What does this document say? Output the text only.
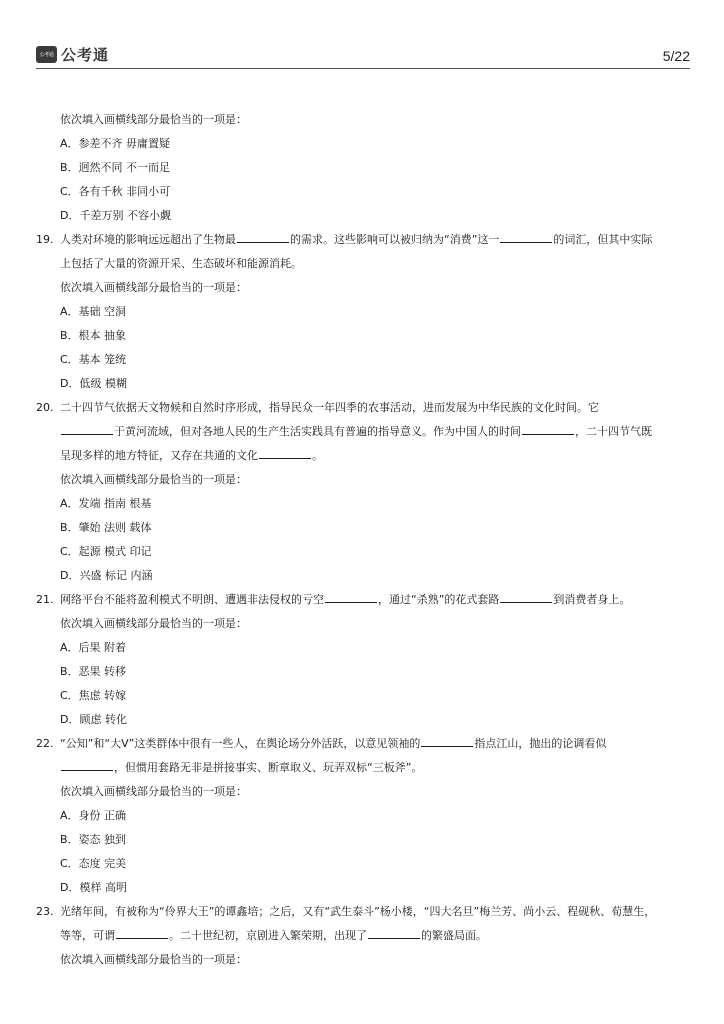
公考通 公考通	5/22
依次填入画横线部分最恰当的一项是：
A．参差不齐 毋庸置疑
B．迥然不同 不一而足
C．各有千秋 非同小可
D．千差万别 不容小觑
19. 人类对环境的影响远远超出了生物最	的需求。这些影响可以被归纳为“消费”这一	的词汇，但其中实际
上包括了大量的资源开采、生态破坏和能源消耗。
依次填入画横线部分最恰当的一项是：
A．基础 空洞
B．根本 抽象
C．基本 笼统
D．低级 模糊
20. 二十四节气依据天文物候和自然时序形成，指导民众一年四季的农事活动，进而发展为中华民族的文化时间。它
于黄河流域，但对各地人民的生产生活实践具有普遍的指导意义。作为中国人的时间	，二十四节气既
呈现多样的地方特征，又存在共通的文化	。
依次填入画横线部分最恰当的一项是：
A．发端 指南 根基
B．肇始 法则 载体
C．起源 模式 印记
D．兴盛 标记 内涵
21. 网络平台不能将盈利模式不明朗、遭遇非法侵权的亏空	，通过“杀熟”的花式套路	到消费者身上。
依次填入画横线部分最恰当的一项是：
A．后果 附着
B．恶果 转移
C．焦虑 转嫁
D．顾虑 转化
22. “公知”和“大V”这类群体中很有一些人，在舆论场分外活跃，以意见领袖的	指点江山，抛出的论调看似
，但惯用套路无非是拼接事实、断章取义、玩弄双标“三板斧”。
依次填入画横线部分最恰当的一项是：
A．身份 正确
B．姿态 独到
C．态度 完美
D．模样 高明
23. 光绪年间，有被称为“伶界大王”的谭鑫培；之后，又有“武生泰斗”杨小楼，“四大名旦”梅兰芳、尚小云、程砚秋、荀慧生，
等等，可谓	。二十世纪初，京剧进入繁荣期，出现了	的繁盛局面。
依次填入画横线部分最恰当的一项是：
